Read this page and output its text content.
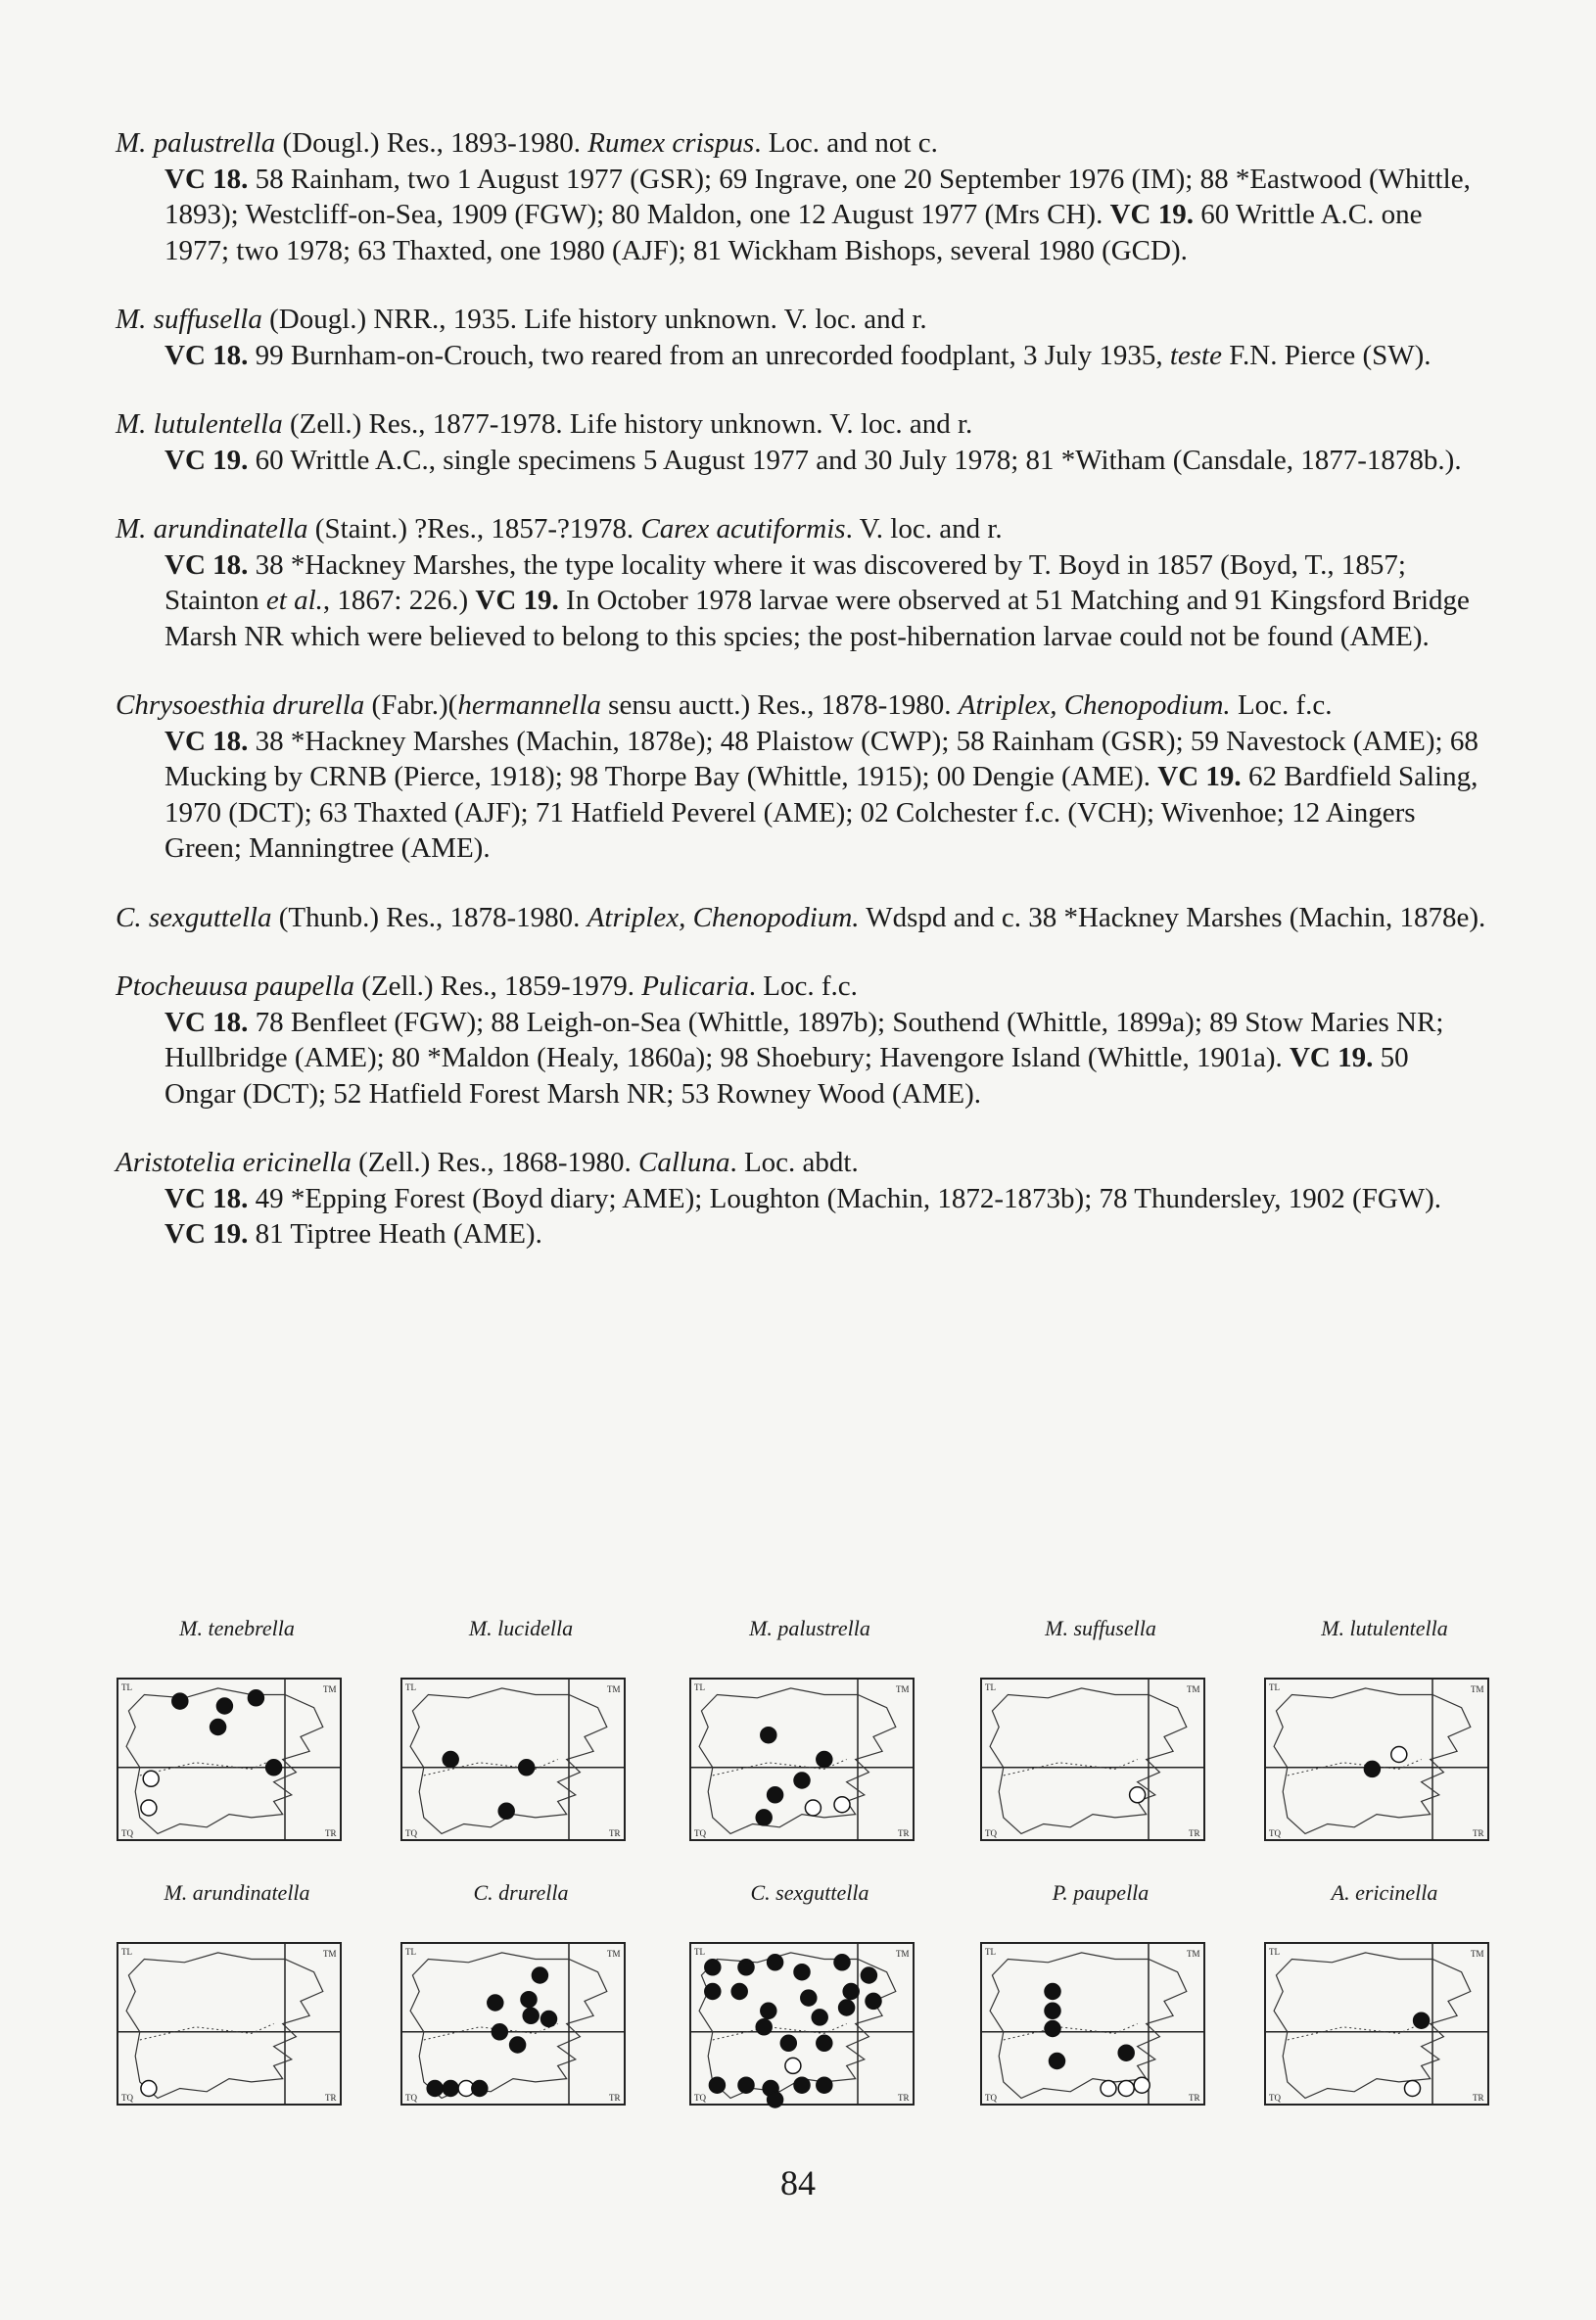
M. palustrella (Dougl.) Res., 1893-1980. Rumex crispus. Loc. and not c.
VC 18. 58 Rainham, two 1 August 1977 (GSR); 69 Ingrave, one 20 September 1976 (IM); 88 *Eastwood (Whittle, 1893); Westcliff-on-Sea, 1909 (FGW); 80 Maldon, one 12 August 1977 (Mrs CH). VC 19. 60 Writtle A.C. one 1977; two 1978; 63 Thaxted, one 1980 (AJF); 81 Wickham Bishops, several 1980 (GCD).
M. suffusella (Dougl.) NRR., 1935. Life history unknown. V. loc. and r.
VC 18. 99 Burnham-on-Crouch, two reared from an unrecorded foodplant, 3 July 1935, teste F.N. Pierce (SW).
M. lutulentella (Zell.) Res., 1877-1978. Life history unknown. V. loc. and r.
VC 19. 60 Writtle A.C., single specimens 5 August 1977 and 30 July 1978; 81 *Witham (Cansdale, 1877-1878b.).
M. arundinatella (Staint.) ?Res., 1857-?1978. Carex acutiformis. V. loc. and r.
VC 18. 38 *Hackney Marshes, the type locality where it was discovered by T. Boyd in 1857 (Boyd, T., 1857; Stainton et al., 1867: 226.) VC 19. In October 1978 larvae were observed at 51 Matching and 91 Kingsford Bridge Marsh NR which were believed to belong to this spcies; the post-hibernation larvae could not be found (AME).
Chrysoesthia drurella (Fabr.)(hermannella sensu auctt.) Res., 1878-1980. Atriplex, Chenopodium. Loc. f.c.
VC 18. 38 *Hackney Marshes (Machin, 1878e); 48 Plaistow (CWP); 58 Rainham (GSR); 59 Navestock (AME); 68 Mucking by CRNB (Pierce, 1918); 98 Thorpe Bay (Whittle, 1915); 00 Dengie (AME). VC 19. 62 Bardfield Saling, 1970 (DCT); 63 Thaxted (AJF); 71 Hatfield Peverel (AME); 02 Colchester f.c. (VCH); Wivenhoe; 12 Aingers Green; Manningtree (AME).
C. sexguttella (Thunb.) Res., 1878-1980. Atriplex, Chenopodium. Wdspd and c. 38 *Hackney Marshes (Machin, 1878e).
Ptocheuusa paupella (Zell.) Res., 1859-1979. Pulicaria. Loc. f.c.
VC 18. 78 Benfleet (FGW); 88 Leigh-on-Sea (Whittle, 1897b); Southend (Whittle, 1899a); 89 Stow Maries NR; Hullbridge (AME); 80 *Maldon (Healy, 1860a); 98 Shoebury; Havengore Island (Whittle, 1901a). VC 19. 50 Ongar (DCT); 52 Hatfield Forest Marsh NR; 53 Rowney Wood (AME).
Aristotelia ericinella (Zell.) Res., 1868-1980. Calluna. Loc. abdt.
VC 18. 49 *Epping Forest (Boyd diary; AME); Loughton (Machin, 1872-1873b); 78 Thundersley, 1902 (FGW). VC 19. 81 Tiptree Heath (AME).
M. tenebrella
TL	TM
TQ	TR
M. lucidella
TL	TM
TQ	TR
M. palustrella
TL	TM
TQ	TR
M. suffusella
TL	TM
TQ	TR
M. lutulentella
TL	TM
TQ	TR
M. arundinatella
TL	TM
TQ	TR
C. drurella
TL	TM
TQ	TR
C. sexguttella
TL	TM
TQ	TR
P. paupella
TL	TM
TQ	TR
A. ericinella
TL	TM
TQ	TR
84
